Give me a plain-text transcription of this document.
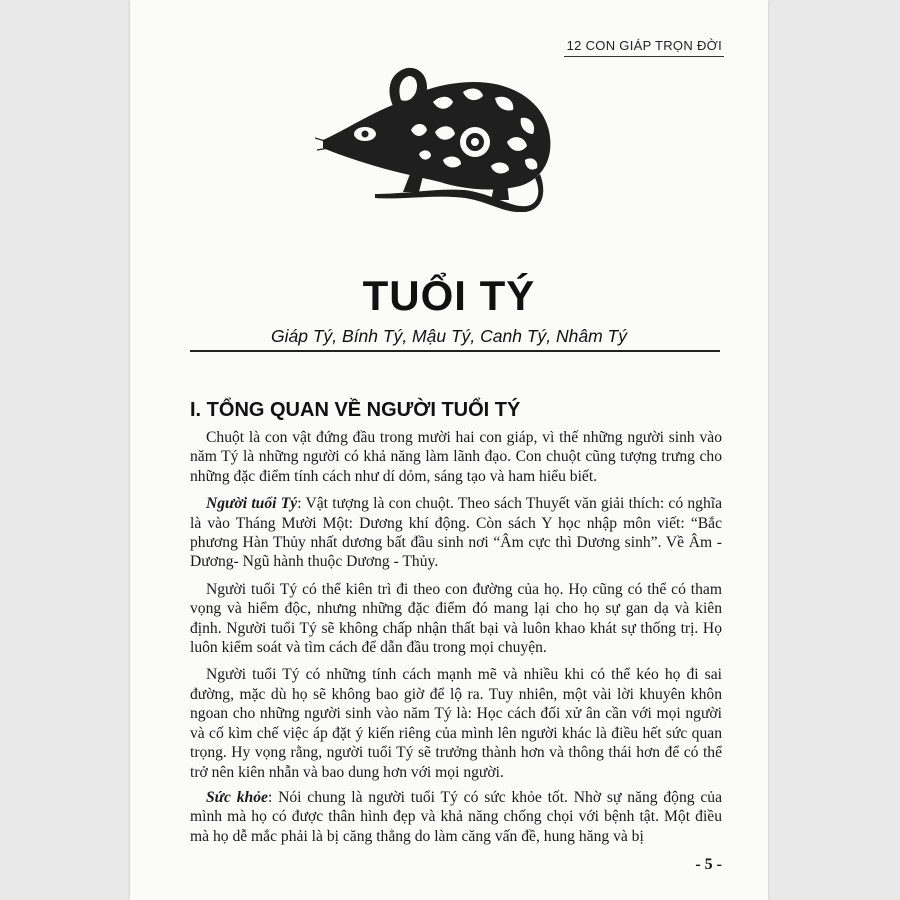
12 CON GIÁP TRỌN ĐỜI
TUỔI TÝ
Giáp Tý, Bính Tý, Mậu Tý, Canh Tý, Nhâm Tý
I. TỔNG QUAN VỀ NGƯỜI TUỔI TÝ

Chuột là con vật đứng đầu trong mười hai con giáp, vì thế những người sinh vào năm Tý là những người có khả năng làm lãnh đạo. Con chuột cũng tượng trưng cho những đặc điểm tính cách như dí dỏm, sáng tạo và ham hiểu biết.

Người tuổi Tý: Vật tượng là con chuột. Theo sách Thuyết văn giải thích: có nghĩa là vào Tháng Mười Một: Dương khí động. Còn sách Y học nhập môn viết: “Bắc phương Hàn Thủy nhất dương bất đầu sinh nơi “Âm cực thì Dương sinh”. Về Âm - Dương- Ngũ hành thuộc Dương - Thủy.

Người tuổi Tý có thể kiên trì đi theo con đường của họ. Họ cũng có thể có tham vọng và hiểm độc, nhưng những đặc điểm đó mang lại cho họ sự gan dạ và kiên định. Người tuổi Tý sẽ không chấp nhận thất bại và luôn khao khát sự thống trị. Họ luôn kiểm soát và tìm cách để dẫn đầu trong mọi chuyện.

Người tuổi Tý có những tính cách mạnh mẽ và nhiều khi có thể kéo họ đi sai đường, mặc dù họ sẽ không bao giờ để lộ ra. Tuy nhiên, một vài lời khuyên khôn ngoan cho những người sinh vào năm Tý là: Học cách đối xử ân cần với mọi người và cố kìm chế việc áp đặt ý kiến riêng của mình lên người khác là điều hết sức quan trọng. Hy vọng rằng, người tuổi Tý sẽ trưởng thành hơn và thông thái hơn để có thể trở nên kiên nhẫn và bao dung hơn với mọi người.

Sức khỏe: Nói chung là người tuổi Tý có sức khỏe tốt. Nhờ sự năng động của mình mà họ có được thân hình đẹp và khả năng chống chọi với bệnh tật. Một điều mà họ dễ mắc phải là bị căng thẳng do làm căng vấn đề, hung hăng và bị

- 5 -
